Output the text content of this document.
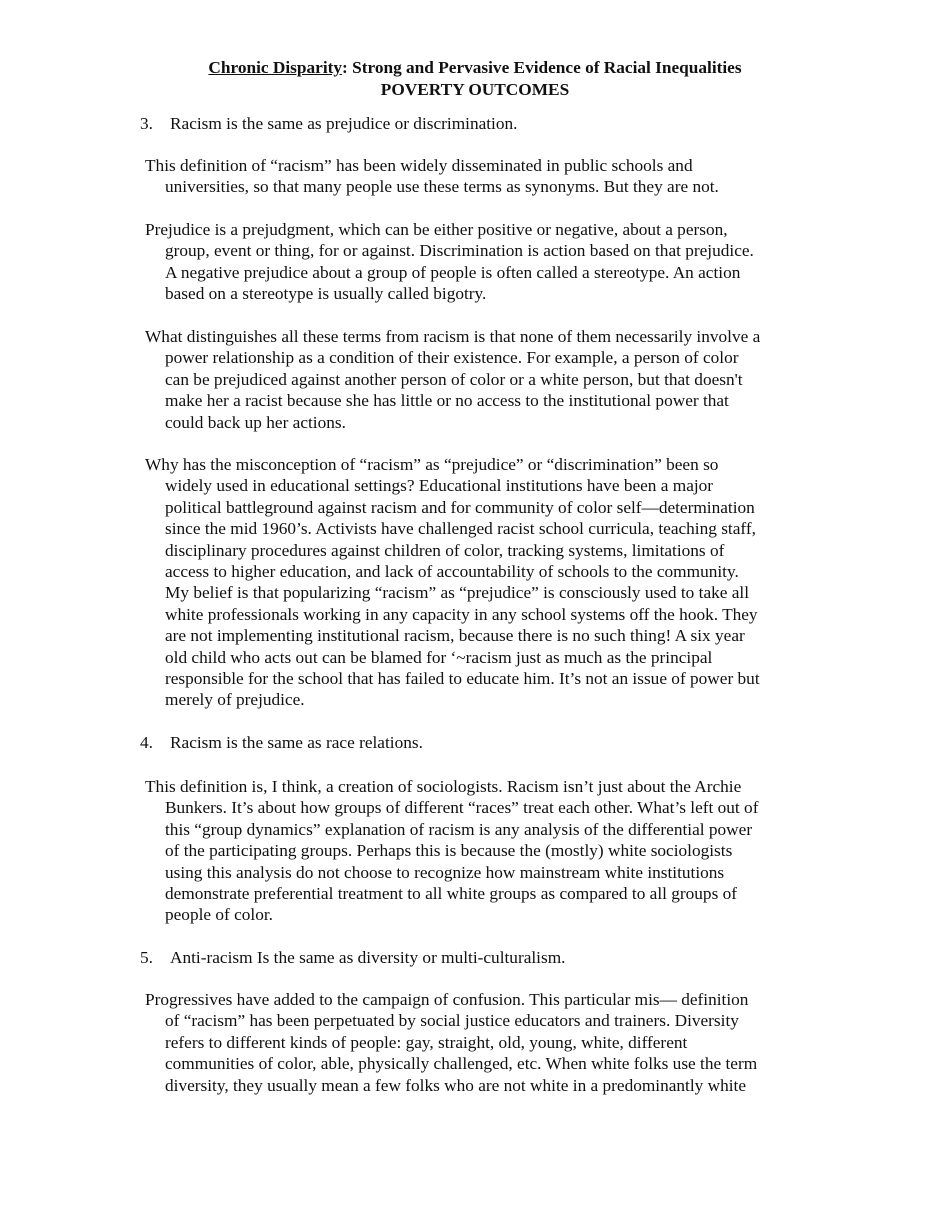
Chronic Disparity: Strong and Pervasive Evidence of Racial Inequalities
POVERTY OUTCOMES
3. Racism is the same as prejudice or discrimination.
This definition of “racism” has been widely disseminated in public schools and
universities, so that many people use these terms as synonyms. But they are not.
Prejudice is a prejudgment, which can be either positive or negative, about a person,
group, event or thing, for or against. Discrimination is action based on that prejudice.
A negative prejudice about a group of people is often called a stereotype. An action
based on a stereotype is usually called bigotry.
What distinguishes all these terms from racism is that none of them necessarily involve a
power relationship as a condition of their existence. For example, a person of color
can be prejudiced against another person of color or a white person, but that doesn't
make her a racist because she has little or no access to the institutional power that
could back up her actions.
Why has the misconception of “racism” as “prejudice” or “discrimination” been so
widely used in educational settings? Educational institutions have been a major
political battleground against racism and for community of color self—determination
since the mid 1960’s. Activists have challenged racist school curricula, teaching staff,
disciplinary procedures against children of color, tracking systems, limitations of
access to higher education, and lack of accountability of schools to the community.
My belief is that popularizing “racism” as “prejudice” is consciously used to take all
white professionals working in any capacity in any school systems off the hook. They
are not implementing institutional racism, because there is no such thing! A six year
old child who acts out can be blamed for ‘~racism just as much as the principal
responsible for the school that has failed to educate him. It’s not an issue of power but
merely of prejudice.
4. Racism is the same as race relations.
This definition is, I think, a creation of sociologists. Racism isn’t just about the Archie
Bunkers. It’s about how groups of different “races” treat each other. What’s left out of
this “group dynamics” explanation of racism is any analysis of the differential power
of the participating groups. Perhaps this is because the (mostly) white sociologists
using this analysis do not choose to recognize how mainstream white institutions
demonstrate preferential treatment to all white groups as compared to all groups of
people of color.
5. Anti-racism Is the same as diversity or multi-culturalism.
Progressives have added to the campaign of confusion. This particular mis— definition
of “racism” has been perpetuated by social justice educators and trainers. Diversity
refers to different kinds of people: gay, straight, old, young, white, different
communities of color, able, physically challenged, etc. When white folks use the term
diversity, they usually mean a few folks who are not white in a predominantly white
